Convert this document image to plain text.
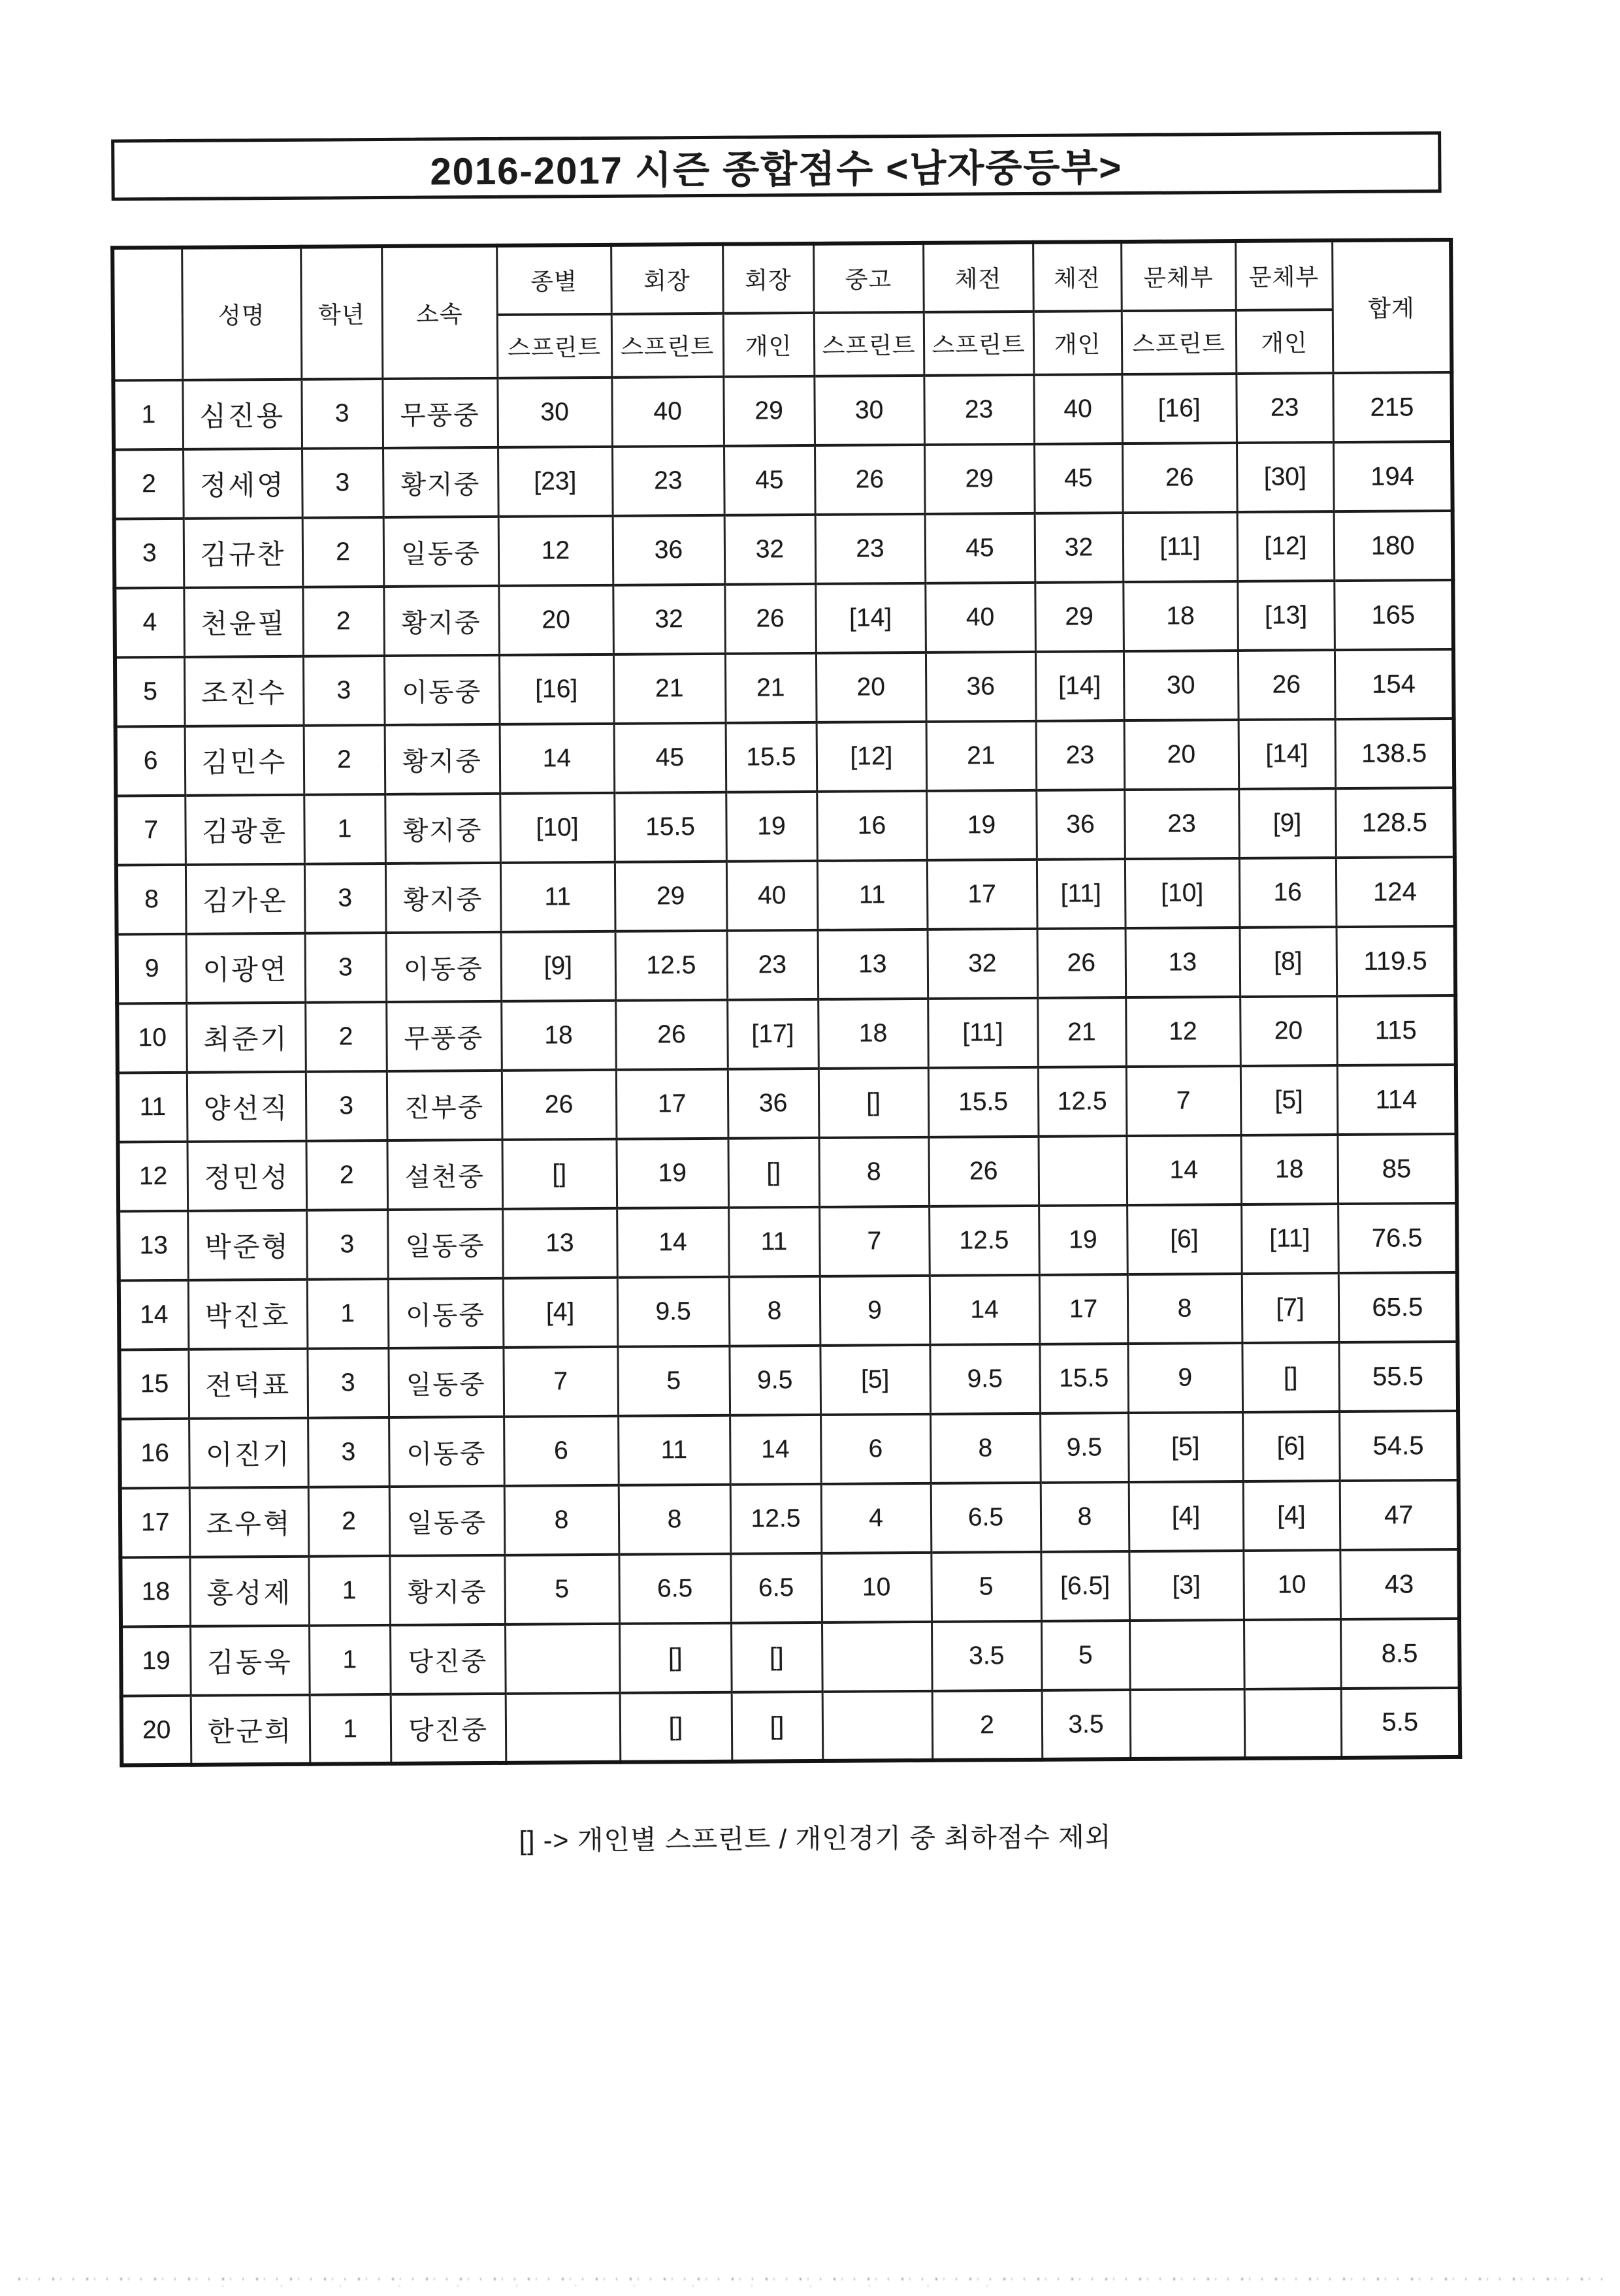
2016-2017 시즌 종합점수 <남자중등부>
	성명	학년	소속	종별	회장	회장	중고	체전	체전	문체부	문체부	합계
				스프린트	스프린트	개인	스프린트	스프린트	개인	스프린트	개인	
1	심진용	3	무풍중	30	40	29	30	23	40	[16]	23	215
2	정세영	3	황지중	[23]	23	45	26	29	45	26	[30]	194
3	김규찬	2	일동중	12	36	32	23	45	32	[11]	[12]	180
4	천윤필	2	황지중	20	32	26	[14]	40	29	18	[13]	165
5	조진수	3	이동중	[16]	21	21	20	36	[14]	30	26	154
6	김민수	2	황지중	14	45	15.5	[12]	21	23	20	[14]	138.5
7	김광훈	1	황지중	[10]	15.5	19	16	19	36	23	[9]	128.5
8	김가온	3	황지중	11	29	40	11	17	[11]	[10]	16	124
9	이광연	3	이동중	[9]	12.5	23	13	32	26	13	[8]	119.5
10	최준기	2	무풍중	18	26	[17]	18	[11]	21	12	20	115
11	양선직	3	진부중	26	17	36	[]	15.5	12.5	7	[5]	114
12	정민성	2	설천중	[]	19	[]	8	26		14	18	85
13	박준형	3	일동중	13	14	11	7	12.5	19	[6]	[11]	76.5
14	박진호	1	이동중	[4]	9.5	8	9	14	17	8	[7]	65.5
15	전덕표	3	일동중	7	5	9.5	[5]	9.5	15.5	9	[]	55.5
16	이진기	3	이동중	6	11	14	6	8	9.5	[5]	[6]	54.5
17	조우혁	2	일동중	8	8	12.5	4	6.5	8	[4]	[4]	47
18	홍성제	1	황지중	5	6.5	6.5	10	5	[6.5]	[3]	10	43
19	김동욱	1	당진중		[]	[]		3.5	5			8.5
20	한군희	1	당진중		[]	[]		2	3.5			5.5
[] -> 개인별 스프린트 / 개인경기 중 최하점수 제외
